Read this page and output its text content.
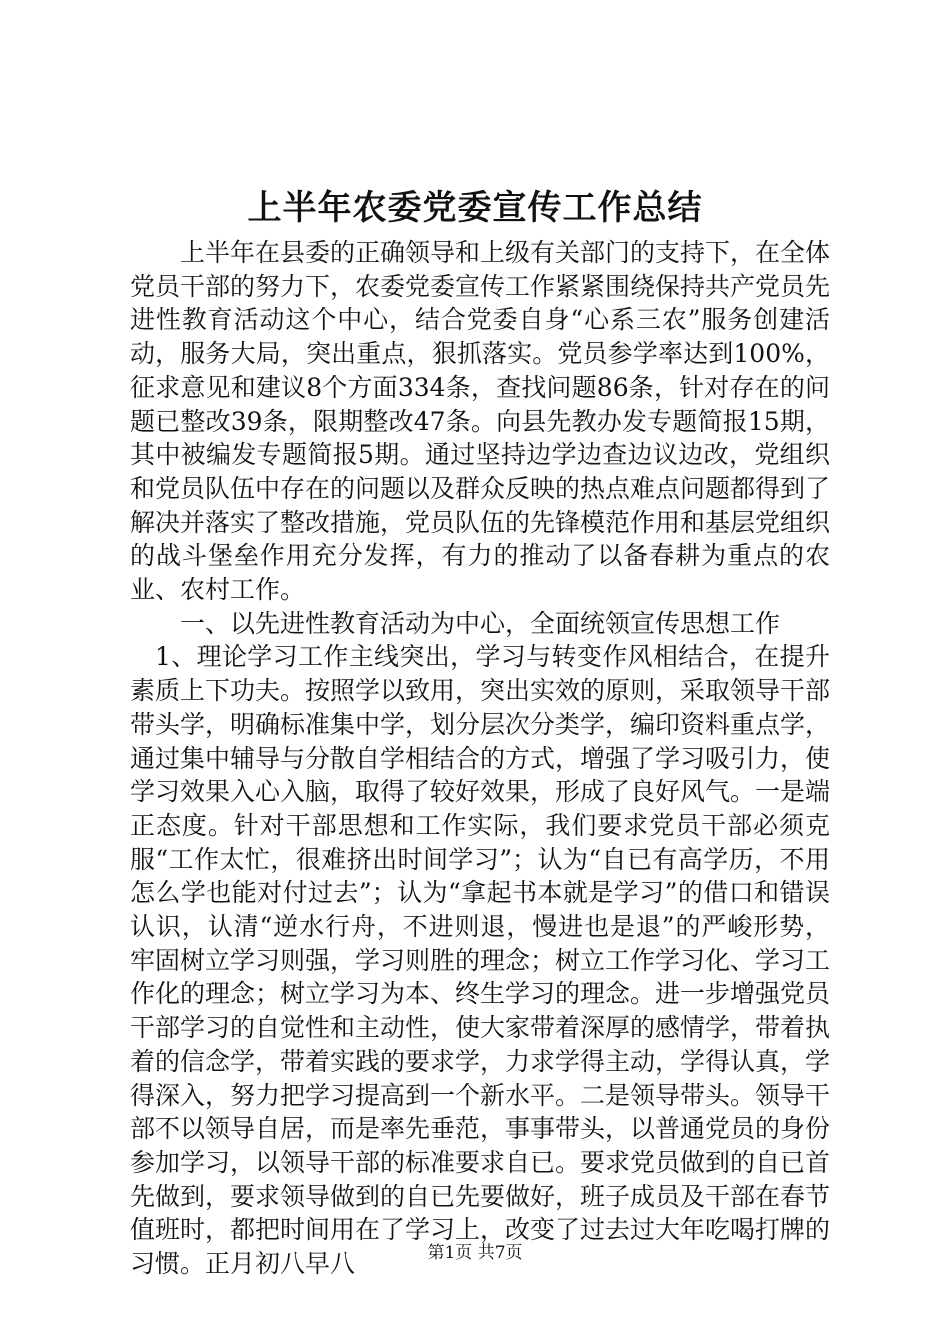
上半年农委党委宣传工作总结

上半年在县委的正确领导和上级有关部门的支持下，在全体党员干部的努力下，农委党委宣传工作紧紧围绕保持共产党员先进性教育活动这个中心，结合党委自身“心系三农”服务创建活动，服务大局，突出重点，狠抓落实。党员参学率达到100%，征求意见和建议8个方面334条，查找问题86条，针对存在的问题已整改39条，限期整改47条。向县先教办发专题简报15期，其中被编发专题简报5期。通过坚持边学边查边议边改，党组织和党员队伍中存在的问题以及群众反映的热点难点问题都得到了解决并落实了整改措施，党员队伍的先锋模范作用和基层党组织的战斗堡垒作用充分发挥，有力的推动了以备春耕为重点的农业、农村工作。

一、以先进性教育活动为中心，全面统领宣传思想工作

1、理论学习工作主线突出，学习与转变作风相结合，在提升素质上下功夫。按照学以致用，突出实效的原则，采取领导干部带头学，明确标准集中学，划分层次分类学，编印资料重点学，通过集中辅导与分散自学相结合的方式，增强了学习吸引力，使学习效果入心入脑，取得了较好效果，形成了良好风气。一是端正态度。针对干部思想和工作实际，我们要求党员干部必须克服“工作太忙，很难挤出时间学习”；认为“自已有高学历，不用怎么学也能对付过去”；认为“拿起书本就是学习”的借口和错误认识，认清“逆水行舟，不进则退，慢进也是退”的严峻形势，牢固树立学习则强，学习则胜的理念；树立工作学习化、学习工作化的理念；树立学习为本、终生学习的理念。进一步增强党员干部学习的自觉性和主动性，使大家带着深厚的感情学，带着执着的信念学，带着实践的要求学，力求学得主动，学得认真，学得深入，努力把学习提高到一个新水平。二是领导带头。领导干部不以领导自居，而是率先垂范，事事带头，以普通党员的身份参加学习，以领导干部的标准要求自已。要求党员做到的自已首先做到，要求领导做到的自已先要做好，班子成员及干部在春节值班时，都把时间用在了学习上，改变了过去过大年吃喝打牌的习惯。正月初八早八	第1页 共7页
